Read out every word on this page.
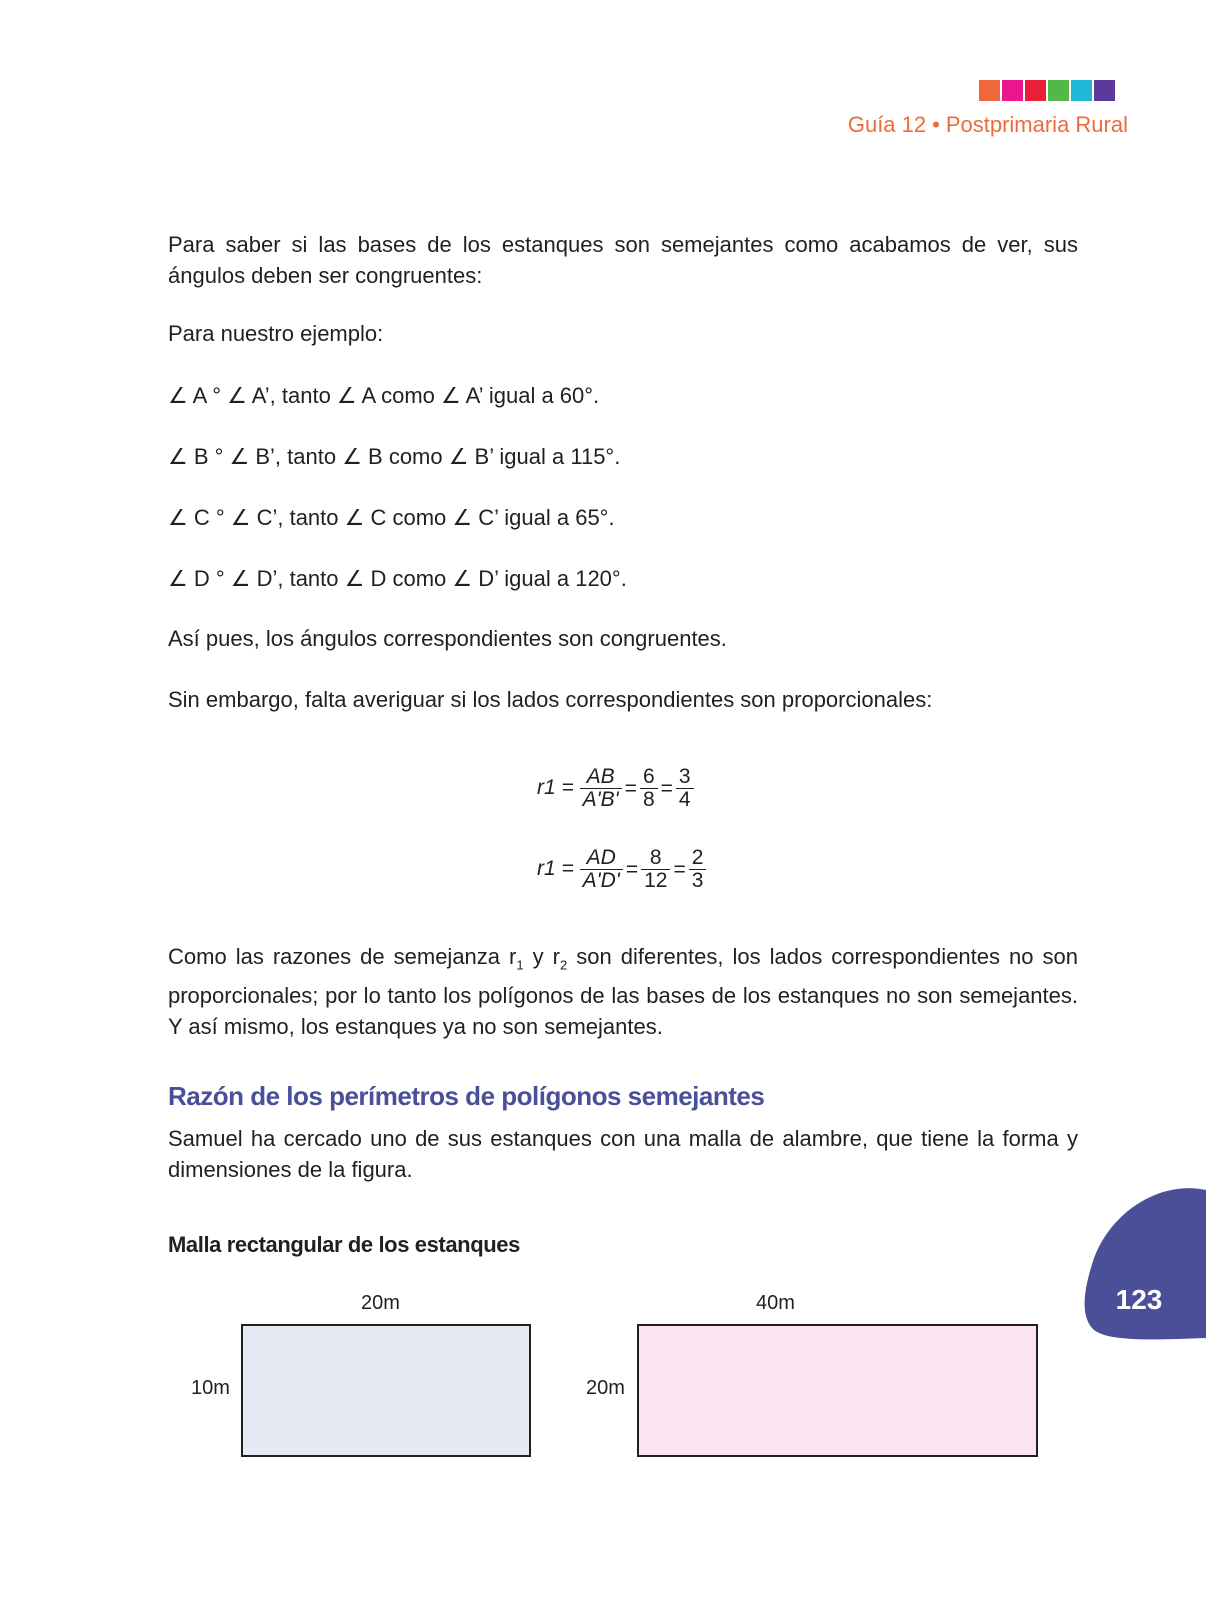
Guía 12 • Postprimaria Rural

Para saber si las bases de los estanques son semejantes como acabamos de ver, sus ángulos deben ser congruentes:

Para nuestro ejemplo:

∠ A ° ∠ A’, tanto ∠ A como ∠ A’ igual a 60°.
∠ B ° ∠ B’, tanto ∠ B como ∠ B’ igual a 115°.
∠ C ° ∠ C’, tanto ∠ C como ∠ C’ igual a 65°.
∠ D ° ∠ D’, tanto ∠ D como ∠ D’ igual a 120°.

Así pues, los ángulos correspondientes son congruentes.

Sin embargo, falta averiguar si los lados correspondientes son proporcionales:

$r1 = \frac{AB}{A'B'} = \frac{6}{8} = \frac{3}{4}$
$r1 = \frac{AD}{A'D'} = \frac{8}{12} = \frac{2}{3}$

Como las razones de semejanza $r_1$ y $r_2$ son diferentes, los lados correspondientes no son proporcionales; por lo tanto los polígonos de las bases de los estanques no son semejantes. Y así mismo, los estanques ya no son semejantes.

Razón de los perímetros de polígonos semejantes

Samuel ha cercado uno de sus estanques con una malla de alambre, que tiene la forma y dimensiones de la figura.

Malla rectangular de los estanques
123
20m
10m
40m
20m
